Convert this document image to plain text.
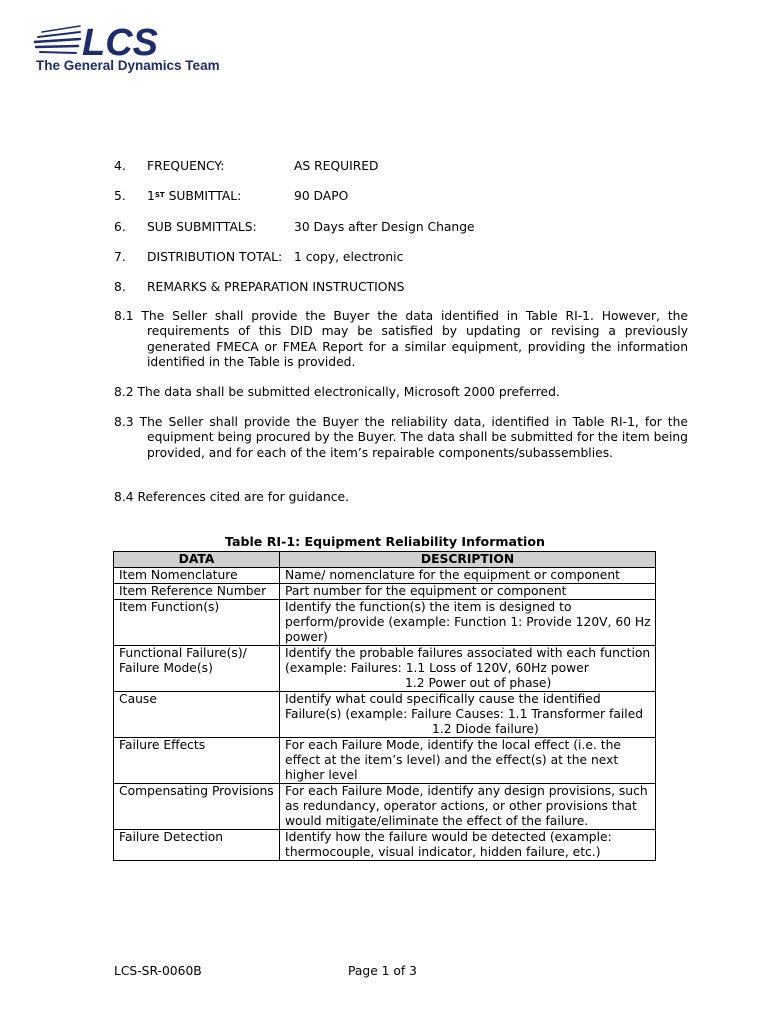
LCS
The General Dynamics Team
4. FREQUENCY:	AS REQUIRED
5. 1ST SUBMITTAL:	90 DAPO
6. SUB SUBMITTALS:	30 Days after Design Change
7. DISTRIBUTION TOTAL: 1 copy, electronic
8. REMARKS & PREPARATION INSTRUCTIONS
8.1 The Seller shall provide the Buyer the data identified in Table RI-1. However, the requirements of this DID may be satisfied by updating or revising a previously generated FMECA or FMEA Report for a similar equipment, providing the information identified in the Table is provided.
8.2 The data shall be submitted electronically, Microsoft 2000 preferred.
8.3 The Seller shall provide the Buyer the reliability data, identified in Table RI-1, for the equipment being procured by the Buyer. The data shall be submitted for the item being provided, and for each of the item’s repairable components/subassemblies.
8.4 References cited are for guidance.
Table RI-1: Equipment Reliability Information
DATA	DESCRIPTION
Item Nomenclature	Name/ nomenclature for the equipment or component
Item Reference Number	Part number for the equipment or component
Item Function(s)	Identify the function(s) the item is designed to perform/provide (example: Function 1: Provide 120V, 60 Hz power)
Functional Failure(s)/ Failure Mode(s)	Identify the probable failures associated with each function (example: Failures: 1.1 Loss of 120V, 60Hz power
1.2 Power out of phase)

Cause	Identify what could specifically cause the identified Failure(s) (example: Failure Causes: 1.1 Transformer failed
1.2 Diode failure)

Failure Effects	For each Failure Mode, identify the local effect (i.e. the effect at the item’s level) and the effect(s) at the next higher level
Compensating Provisions	For each Failure Mode, identify any design provisions, such as redundancy, operator actions, or other provisions that would mitigate/eliminate the effect of the failure.
Failure Detection	Identify how the failure would be detected (example: thermocouple, visual indicator, hidden failure, etc.)
LCS-SR-0060B	Page 1 of 3
